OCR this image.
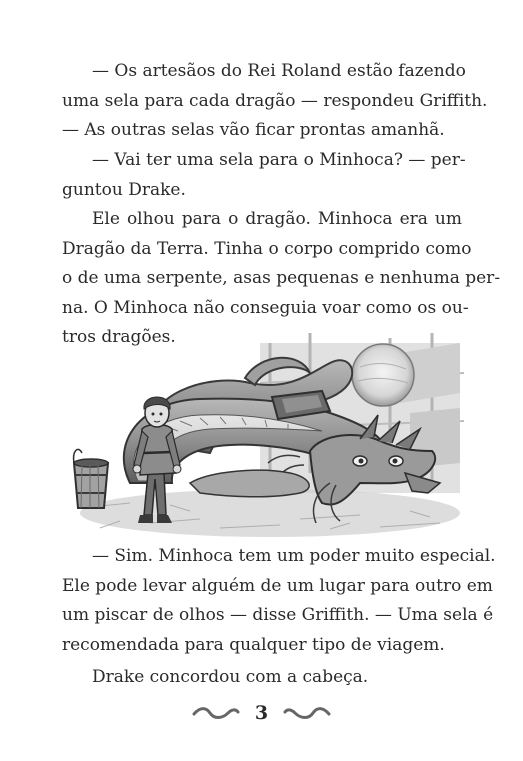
— Os artesãos do Rei Roland estão fazendo
uma sela para cada dragão — respondeu Griffith.
— As outras selas vão ficar prontas amanhã.
— Vai ter uma sela para o Minhoca? — per-
guntou Drake.
Ele olhou para o dragão. Minhoca era um
Dragão da Terra. Tinha o corpo comprido como
o de uma serpente, asas pequenas e nenhuma per-
na. O Minhoca não conseguia voar como os ou-
tros dragões.
— Sim. Minhoca tem um poder muito especial.
Ele pode levar alguém de um lugar para outro em
um piscar de olhos — disse Griffith. — Uma sela é
recomendada para qualquer tipo de viagem.
Drake concordou com a cabeça.
3
